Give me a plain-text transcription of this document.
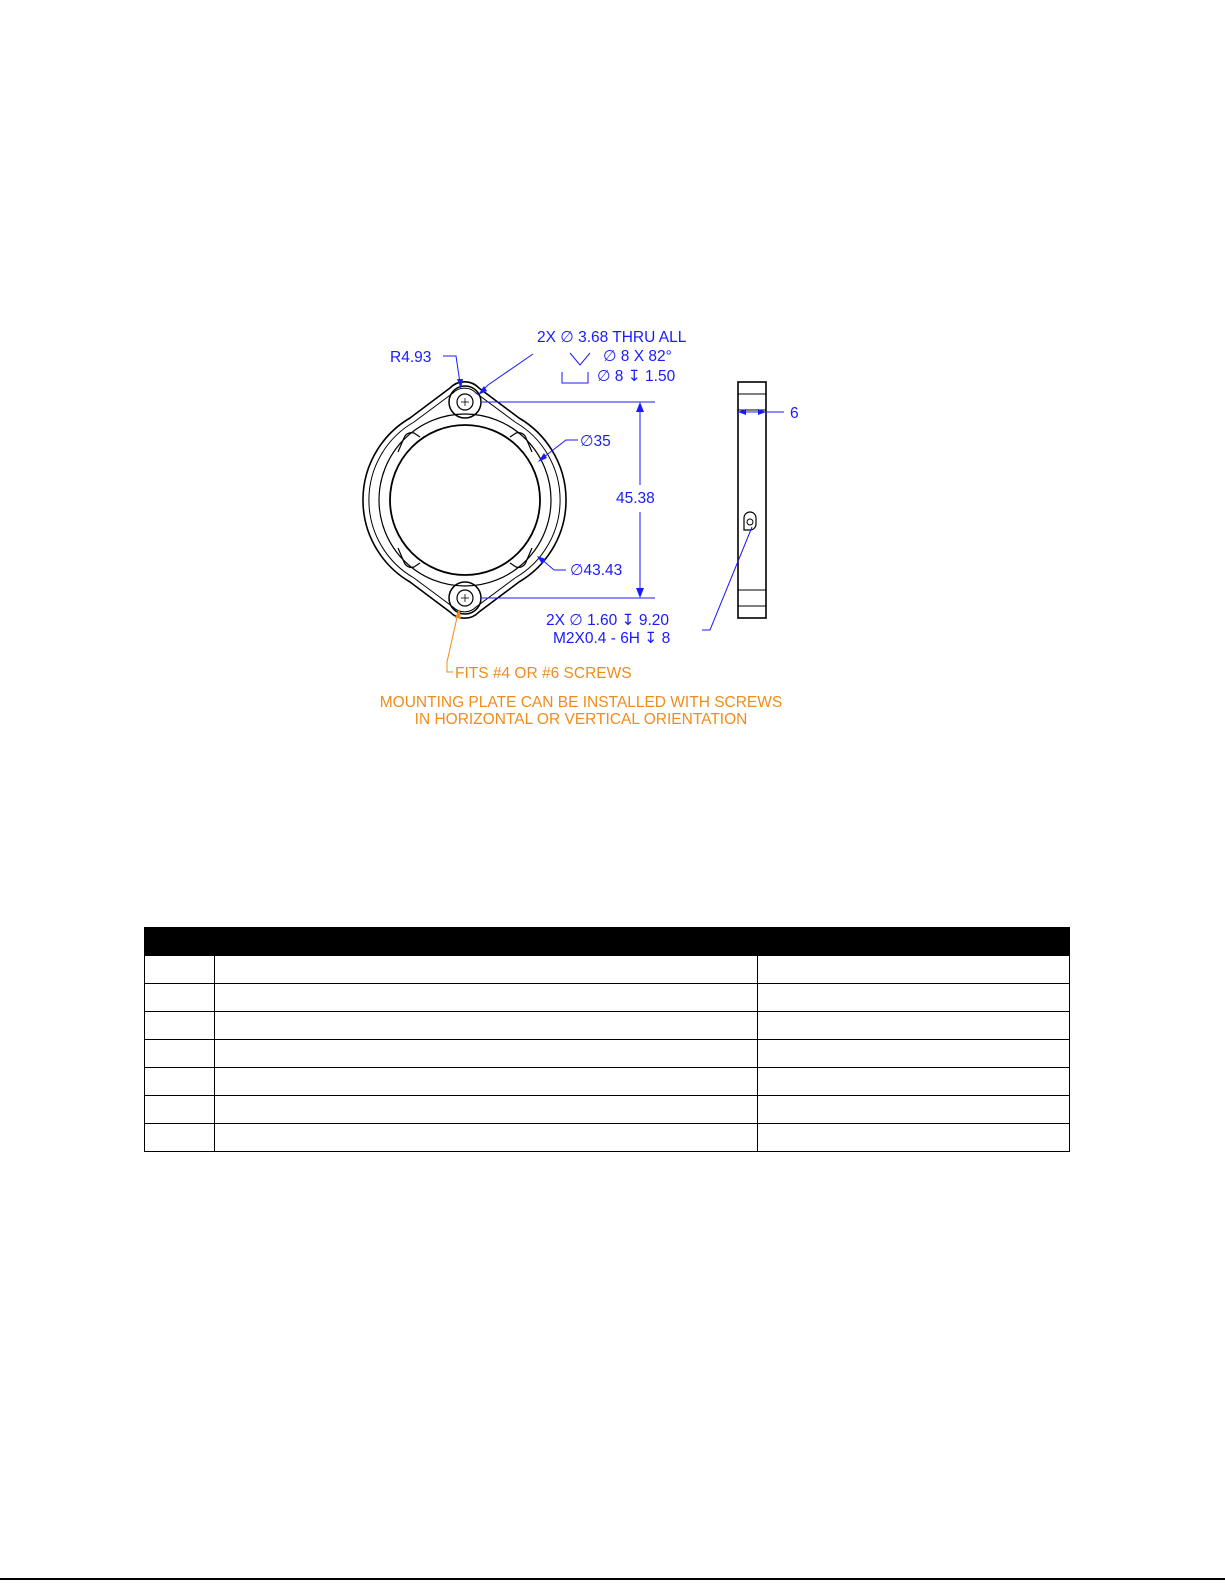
2X ∅ 3.68 THRU ALL
∅ 8 X 82°
∅ 8 ↧ 1.50
R4.93
∅35
45.38
∅43.43
6
2X ∅ 1.60 ↧ 9.20
M2X0.4 - 6H ↧ 8
FITS #4 OR #6 SCREWS
MOUNTING PLATE CAN BE INSTALLED WITH SCREWS
IN HORIZONTAL OR VERTICAL ORIENTATION
